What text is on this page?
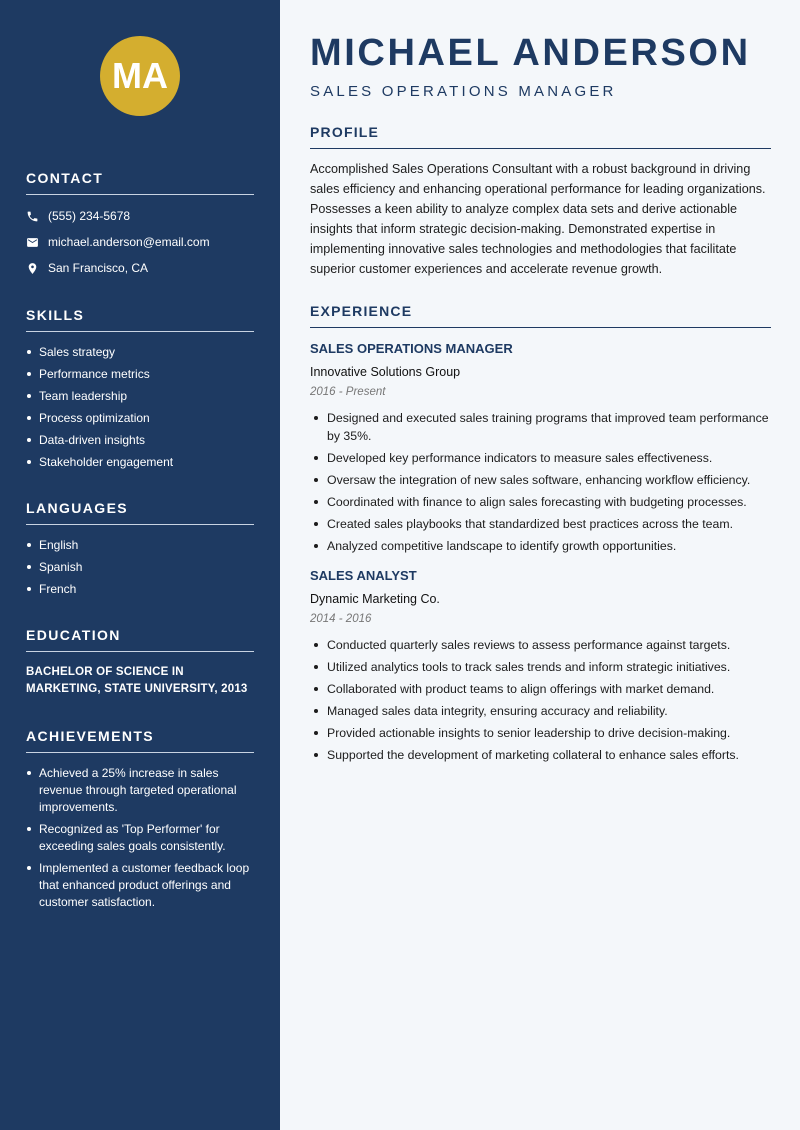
MA
CONTACT
(555) 234-5678
michael.anderson@email.com
San Francisco, CA
SKILLS
Sales strategy
Performance metrics
Team leadership
Process optimization
Data-driven insights
Stakeholder engagement
LANGUAGES
English
Spanish
French
EDUCATION
BACHELOR OF SCIENCE IN MARKETING, STATE UNIVERSITY, 2013
ACHIEVEMENTS
Achieved a 25% increase in sales revenue through targeted operational improvements.
Recognized as 'Top Performer' for exceeding sales goals consistently.
Implemented a customer feedback loop that enhanced product offerings and customer satisfaction.
MICHAEL ANDERSON
SALES OPERATIONS MANAGER
PROFILE
Accomplished Sales Operations Consultant with a robust background in driving sales efficiency and enhancing operational performance for leading organizations. Possesses a keen ability to analyze complex data sets and derive actionable insights that inform strategic decision-making. Demonstrated expertise in implementing innovative sales technologies and methodologies that facilitate superior customer experiences and accelerate revenue growth.
EXPERIENCE
SALES OPERATIONS MANAGER
Innovative Solutions Group
2016 - Present
Designed and executed sales training programs that improved team performance by 35%.
Developed key performance indicators to measure sales effectiveness.
Oversaw the integration of new sales software, enhancing workflow efficiency.
Coordinated with finance to align sales forecasting with budgeting processes.
Created sales playbooks that standardized best practices across the team.
Analyzed competitive landscape to identify growth opportunities.
SALES ANALYST
Dynamic Marketing Co.
2014 - 2016
Conducted quarterly sales reviews to assess performance against targets.
Utilized analytics tools to track sales trends and inform strategic initiatives.
Collaborated with product teams to align offerings with market demand.
Managed sales data integrity, ensuring accuracy and reliability.
Provided actionable insights to senior leadership to drive decision-making.
Supported the development of marketing collateral to enhance sales efforts.
